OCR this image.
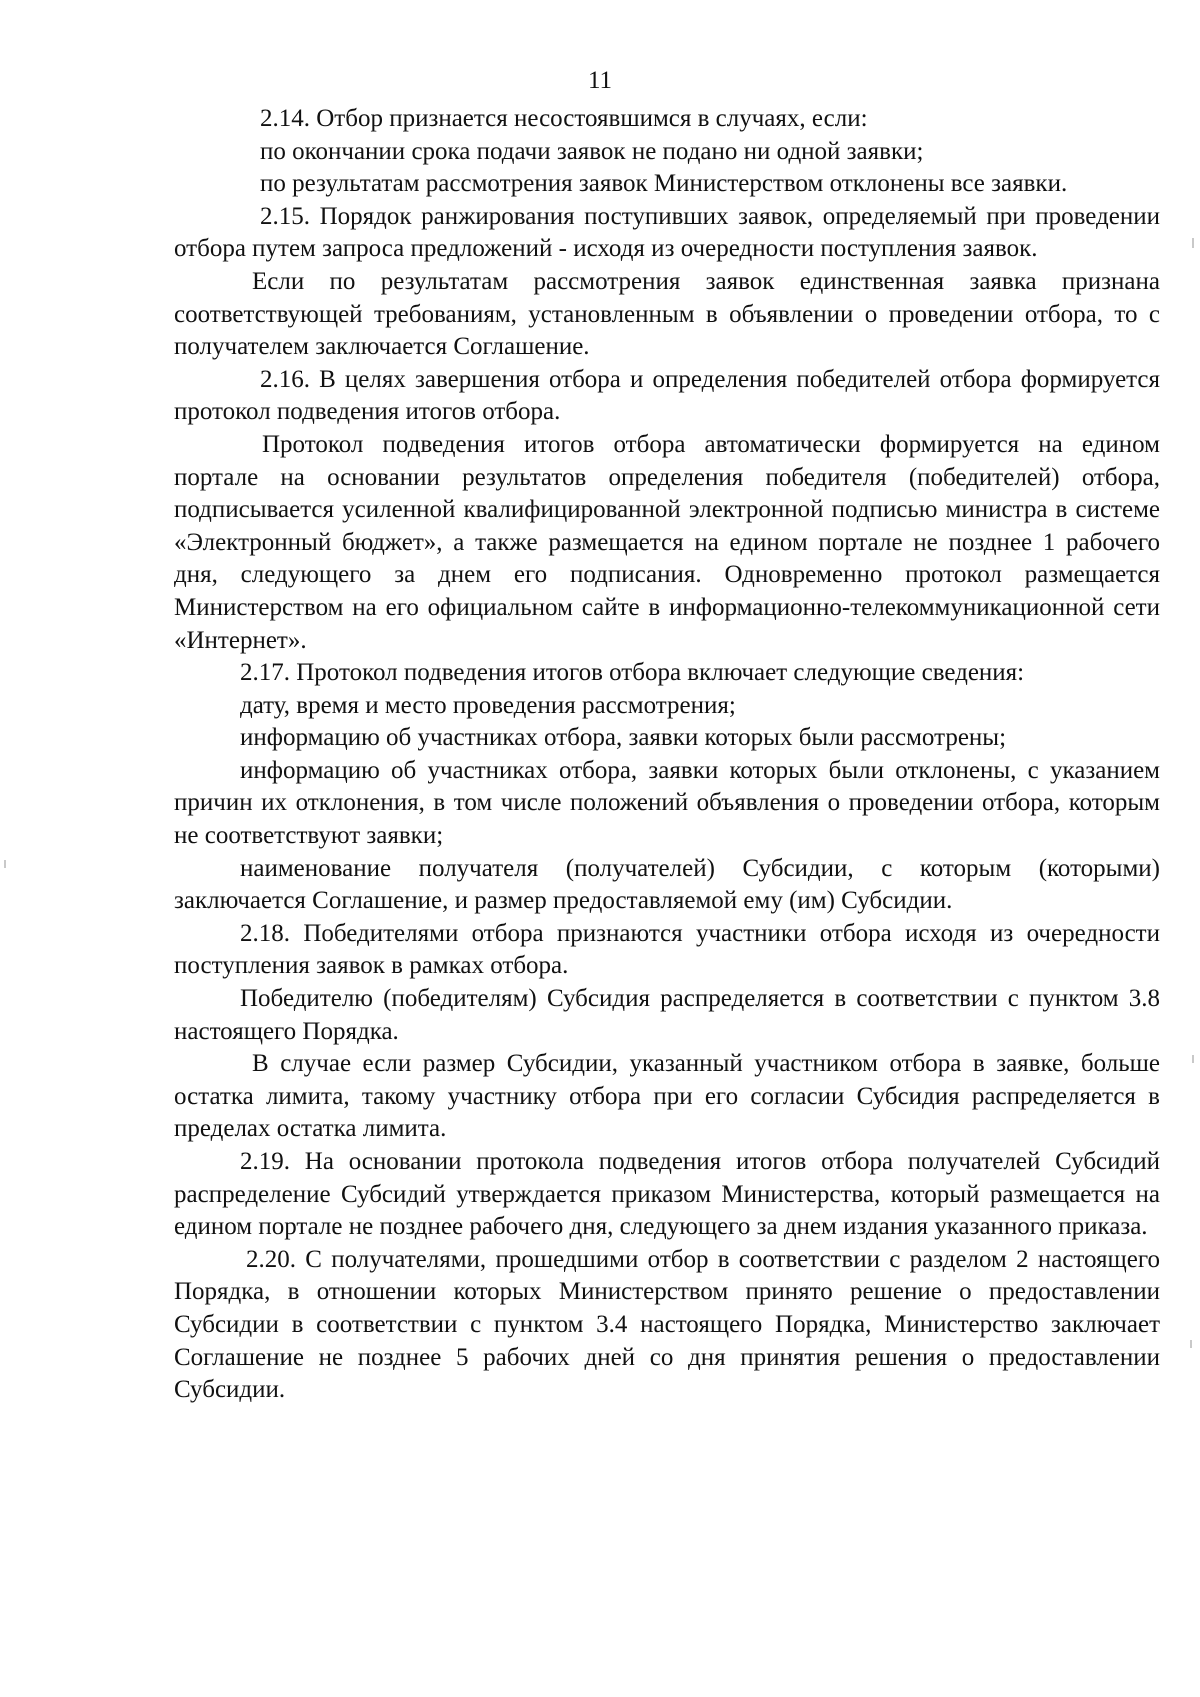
11

2.14. Отбор признается несостоявшимся в случаях, если:

по окончании срока подачи заявок не подано ни одной заявки;

по результатам рассмотрения заявок Министерством отклонены все заявки.

2.15. Порядок ранжирования поступивших заявок, определяемый при проведении отбора путем запроса предложений - исходя из очередности поступления заявок.

Если по результатам рассмотрения заявок единственная заявка признана соответствующей требованиям, установленным в объявлении о проведении отбора, то с получателем заключается Соглашение.

2.16. В целях завершения отбора и определения победителей отбора формируется протокол подведения итогов отбора.

Протокол подведения итогов отбора автоматически формируется на едином портале на основании результатов определения победителя (победителей) отбора, подписывается усиленной квалифицированной электронной подписью министра в системе «Электронный бюджет», а также размещается на едином портале не позднее 1 рабочего дня, следующего за днем его подписания. Одновременно протокол размещается Министерством на его официальном сайте в информационно-телекоммуникационной сети «Интернет».

2.17. Протокол подведения итогов отбора включает следующие сведения:

дату, время и место проведения рассмотрения;

информацию об участниках отбора, заявки которых были рассмотрены;

информацию об участниках отбора, заявки которых были отклонены, с указанием причин их отклонения, в том числе положений объявления о проведении отбора, которым не соответствуют заявки;

наименование получателя (получателей) Субсидии, с которым (которыми) заключается Соглашение, и размер предоставляемой ему (им) Субсидии.

2.18. Победителями отбора признаются участники отбора исходя из очередности поступления заявок в рамках отбора.

Победителю (победителям) Субсидия распределяется в соответствии с пунктом 3.8 настоящего Порядка.

В случае если размер Субсидии, указанный участником отбора в заявке, больше остатка лимита, такому участнику отбора при его согласии Субсидия распределяется в пределах остатка лимита.

2.19. На основании протокола подведения итогов отбора получателей Субсидий распределение Субсидий утверждается приказом Министерства, который размещается на едином портале не позднее рабочего дня, следующего за днем издания указанного приказа.

2.20. С получателями, прошедшими отбор в соответствии с разделом 2 настоящего Порядка, в отношении которых Министерством принято решение о предоставлении Субсидии в соответствии с пунктом 3.4 настоящего Порядка, Министерство заключает Соглашение не позднее 5 рабочих дней со дня принятия решения о предоставлении Субсидии.
